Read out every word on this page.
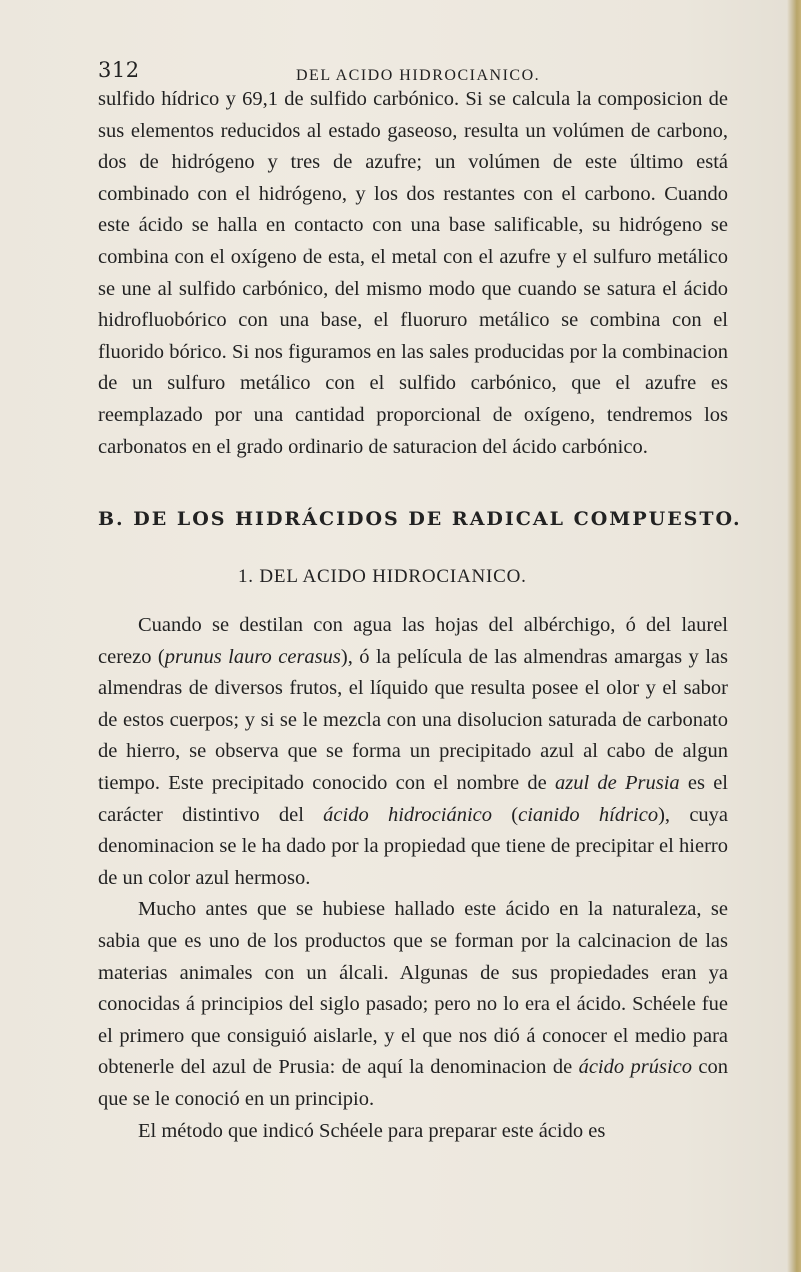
312	DEL ACIDO HIDROCIANICO.

sulfido hídrico y 69,1 de sulfido carbónico. Si se calcula la composicion de sus elementos reducidos al estado gaseoso, resulta un volúmen de carbono, dos de hidrógeno y tres de azufre; un volúmen de este último está combinado con el hidrógeno, y los dos restantes con el carbono. Cuando este ácido se halla en contacto con una base salificable, su hidrógeno se combina con el oxígeno de esta, el metal con el azufre y el sulfuro metálico se une al sulfido carbónico, del mismo modo que cuando se satura el ácido hidrofluobórico con una base, el fluoruro metálico se combina con el fluorido bórico. Si nos figuramos en las sales producidas por la combinacion de un sulfuro metálico con el sulfido carbónico, que el azufre es reemplazado por una cantidad proporcional de oxígeno, tendremos los carbonatos en el grado ordinario de saturacion del ácido carbónico.

B. DE LOS HIDRÁCIDOS DE RADICAL COMPUESTO.
1. DEL ACIDO HIDROCIANICO.

Cuando se destilan con agua las hojas del albérchigo, ó del laurel cerezo (prunus lauro cerasus), ó la película de las almendras amargas y las almendras de diversos frutos, el líquido que resulta posee el olor y el sabor de estos cuerpos; y si se le mezcla con una disolucion saturada de carbonato de hierro, se observa que se forma un precipitado azul al cabo de algun tiempo. Este precipitado conocido con el nombre de azul de Prusia es el carácter distintivo del ácido hidrociánico (cianido hídrico), cuya denominacion se le ha dado por la propiedad que tiene de precipitar el hierro de un color azul hermoso.

Mucho antes que se hubiese hallado este ácido en la naturaleza, se sabia que es uno de los productos que se forman por la calcinacion de las materias animales con un álcali. Algunas de sus propiedades eran ya conocidas á principios del siglo pasado; pero no lo era el ácido. Schéele fue el primero que consiguió aislarle, y el que nos dió á conocer el medio para obtenerle del azul de Prusia: de aquí la denominacion de ácido prúsico con que se le conoció en un principio.

El método que indicó Schéele para preparar este ácido es
